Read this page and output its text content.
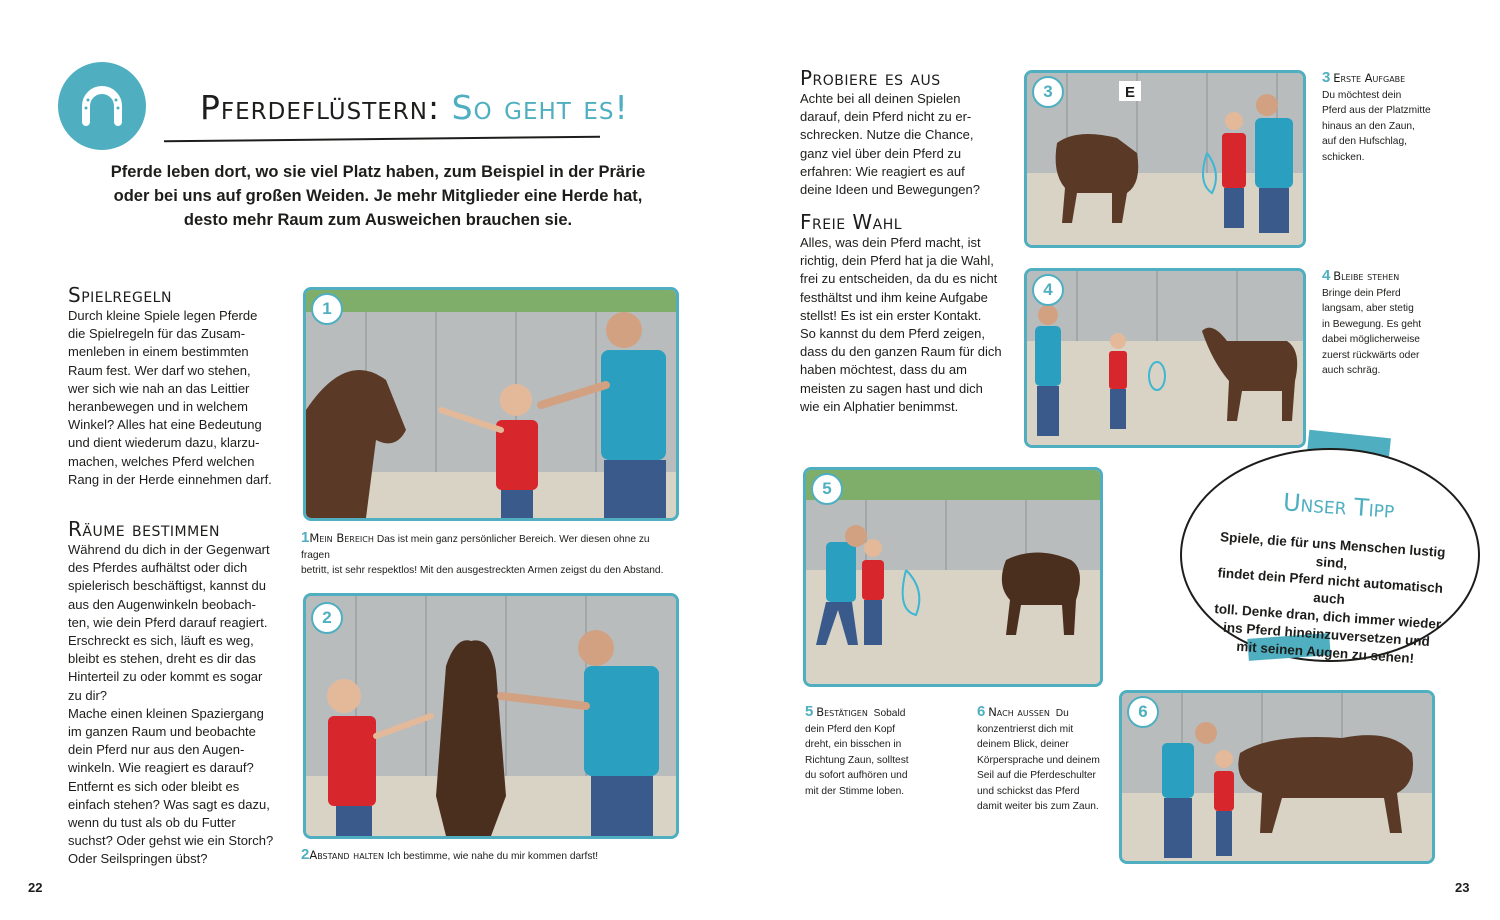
Pferdeflüstern: So geht es!
Pferde leben dort, wo sie viel Platz haben, zum Beispiel in der Prärie oder bei uns auf großen Weiden. Je mehr Mitglieder eine Herde hat, desto mehr Raum zum Ausweichen brauchen sie.
Spielregeln
Durch kleine Spiele legen Pferde
die Spielregeln für das Zusam-
menleben in einem bestimmten
Raum fest. Wer darf wo stehen,
wer sich wie nah an das Leittier
heranbewegen und in welchem
Winkel? Alles hat eine Bedeutung
und dient wiederum dazu, klarzu-
machen, welches Pferd welchen
Rang in der Herde einnehmen darf.
Räume bestimmen
Während du dich in der Gegenwart
des Pferdes aufhältst oder dich
spielerisch beschäftigst, kannst du
aus den Augenwinkeln beobach-
ten, wie dein Pferd darauf reagiert.
Erschreckt es sich, läuft es weg,
bleibt es stehen, dreht es dir das
Hinterteil zu oder kommt es sogar
zu dir?
Mache einen kleinen Spaziergang
im ganzen Raum und beobachte
dein Pferd nur aus den Augen-
winkeln. Wie reagiert es darauf?
Entfernt es sich oder bleibt es
einfach stehen? Was sagt es dazu,
wenn du tust als ob du Futter
suchst? Oder gehst wie ein Storch?
Oder Seilspringen übst?
1
1Mein Bereich Das ist mein ganz persönlicher Bereich. Wer diesen ohne zu fragen
betritt, ist sehr respektlos! Mit den ausgestreckten Armen zeigst du den Abstand.
2
2Abstand halten Ich bestimme, wie nahe du mir kommen darfst!
22
Probiere es aus
Achte bei all deinen Spielen
darauf, dein Pferd nicht zu er-
schrecken. Nutze die Chance,
ganz viel über dein Pferd zu
erfahren: Wie reagiert es auf
deine Ideen und Bewegungen?
Freie Wahl
Alles, was dein Pferd macht, ist
richtig, dein Pferd hat ja die Wahl,
frei zu entscheiden, da du es nicht
festhältst und ihm keine Aufgabe
stellst! Es ist ein erster Kontakt.
So kannst du dem Pferd zeigen,
dass du den ganzen Raum für dich
haben möchtest, dass du am
meisten zu sagen hast und dich
wie ein Alphatier benimmst.
E
3
3 Erste Aufgabe
Du möchtest dein
Pferd aus der Platzmitte
hinaus an den Zaun,
auf den Hufschlag,
schicken.
4
4 Bleibe stehen
Bringe dein Pferd
langsam, aber stetig
in Bewegung. Es geht
dabei möglicherweise
zuerst rückwärts oder
auch schräg.
5
5 Bestätigen Sobald
dein Pferd den Kopf
dreht, ein bisschen in
Richtung Zaun, solltest
du sofort aufhören und
mit der Stimme loben.
6
6 Nach außen Du
konzentrierst dich mit
deinem Blick, deiner
Körpersprache und deinem
Seil auf die Pferdeschulter
und schickst das Pferd
damit weiter bis zum Zaun.
Unser Tipp
Spiele, die für uns Menschen lustig sind,
findet dein Pferd nicht automatisch auch
toll. Denke dran, dich immer wieder
ins Pferd hineinzuversetzen und
mit seinen Augen zu sehen!
23
